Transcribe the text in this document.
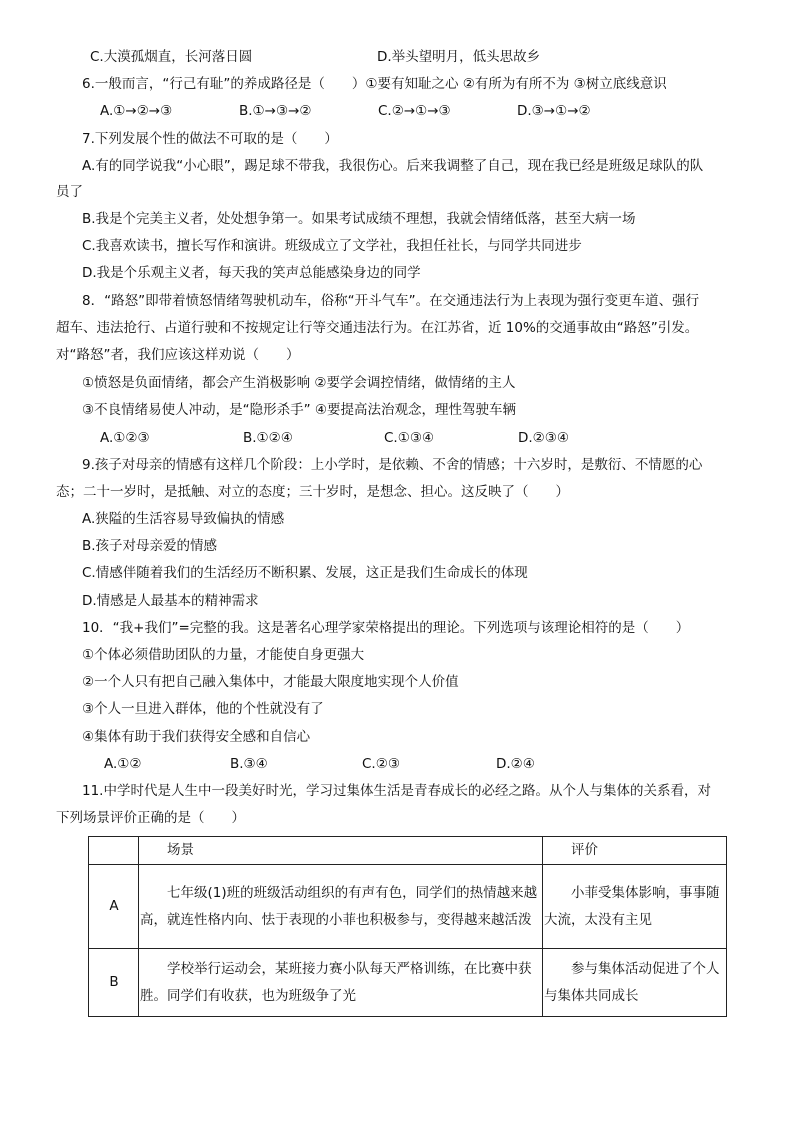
C.大漠孤烟直，长河落日圆	D.举头望明月，低头思故乡
6.一般而言，“行己有耻”的养成路径是（　　）①要有知耻之心 ②有所为有所不为 ③树立底线意识
A.①→②→③	B.①→③→②	C.②→①→③	D.③→①→②
7.下列发展个性的做法不可取的是（　　）
A.有的同学说我“小心眼”，踢足球不带我，我很伤心。后来我调整了自己，现在我已经是班级足球队的队
员了
B.我是个完美主义者，处处想争第一。如果考试成绩不理想，我就会情绪低落，甚至大病一场
C.我喜欢读书，擅长写作和演讲。班级成立了文学社，我担任社长，与同学共同进步
D.我是个乐观主义者，每天我的笑声总能感染身边的同学
8．“路怒”即带着愤怒情绪驾驶机动车，俗称“开斗气车”。在交通违法行为上表现为强行变更车道、强行
超车、违法抢行、占道行驶和不按规定让行等交通违法行为。在江苏省，近 10%的交通事故由“路怒”引发。
对“路怒”者，我们应该这样劝说（　　）
①愤怒是负面情绪，都会产生消极影响 ②要学会调控情绪，做情绪的主人
③不良情绪易使人冲动，是“隐形杀手” ④要提高法治观念，理性驾驶车辆
A.①②③	B.①②④	C.①③④	D.②③④
9.孩子对母亲的情感有这样几个阶段：上小学时，是依赖、不舍的情感；十六岁时，是敷衍、不情愿的心
态；二十一岁时，是抵触、对立的态度；三十岁时，是想念、担心。这反映了（　　）
A.狭隘的生活容易导致偏执的情感
B.孩子对母亲爱的情感
C.情感伴随着我们的生活经历不断积累、发展，这正是我们生命成长的体现
D.情感是人最基本的精神需求
10．“我+我们”=完整的我。这是著名心理学家荣格提出的理论。下列选项与该理论相符的是（　　）
①个体必须借助团队的力量，才能使自身更强大
②一个人只有把自己融入集体中，才能最大限度地实现个人价值
③个人一旦进入群体，他的个性就没有了
④集体有助于我们获得安全感和自信心
A.①②	B.③④	C.②③	D.②④
11.中学时代是人生中一段美好时光，学习过集体生活是青春成长的必经之路。从个人与集体的关系看，对
下列场景评价正确的是（　　）
	场景	评价
A	　　七年级(1)班的班级活动组织的有声有色，同学们的热情越来越高，就连性格内向、怯于表现的小菲也积极参与，变得越来越活泼	　　小菲受集体影响，事事随大流，太没有主见
B	　　学校举行运动会，某班接力赛小队每天严格训练，在比赛中获胜。同学们有收获，也为班级争了光	　　参与集体活动促进了个人与集体共同成长
